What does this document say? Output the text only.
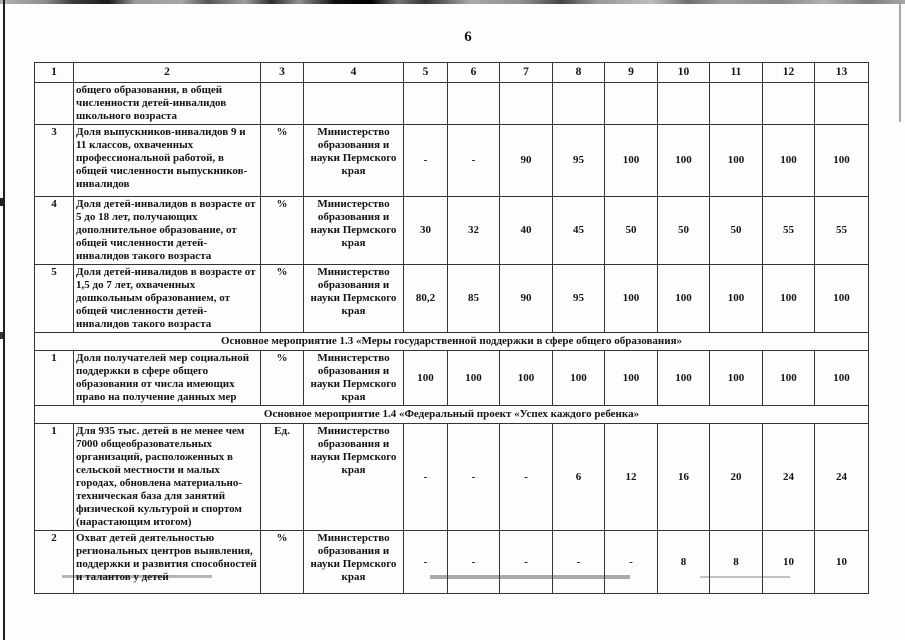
6
1	2	3	4	5	6	7	8	9	10	11	12	13
	общего образования, в общей численности детей-инвалидов школьного возраста											
3	Доля выпускников-инвалидов 9 и 11 классов, охваченных профессиональной работой, в общей численности выпускников-инвалидов	%	Министерство образования и науки Пермского края	-	-	90	95	100	100	100	100	100
4	Доля детей-инвалидов в возрасте от 5 до 18 лет, получающих дополнительное образование, от общей численности детей-инвалидов такого возраста	%	Министерство образования и науки Пермского края	30	32	40	45	50	50	50	55	55
5	Доля детей-инвалидов в возрасте от 1,5 до 7 лет, охваченных дошкольным образованием, от общей численности детей-инвалидов такого возраста	%	Министерство образования и науки Пермского края	80,2	85	90	95	100	100	100	100	100
Основное мероприятие 1.3 «Меры государственной поддержки в сфере общего образования»												
1	Доля получателей мер социальной поддержки в сфере общего образования от числа имеющих право на получение данных мер	%	Министерство образования и науки Пермского края	100	100	100	100	100	100	100	100	100
Основное мероприятие 1.4 «Федеральный проект «Успех каждого ребенка»												
1	Для 935 тыс. детей в не менее чем 7000 общеобразовательных организаций, расположенных в сельской местности и малых городах, обновлена материально-техническая база для занятий физической культурой и спортом (нарастающим итогом)	Ед.	Министерство образования и науки Пермского края	-	-	-	6	12	16	20	24	24
2	Охват детей деятельностью региональных центров выявления, поддержки и развития способностей и талантов у детей	%	Министерство образования и науки Пермского края	-	-	-	-	-	8	8	10	10
